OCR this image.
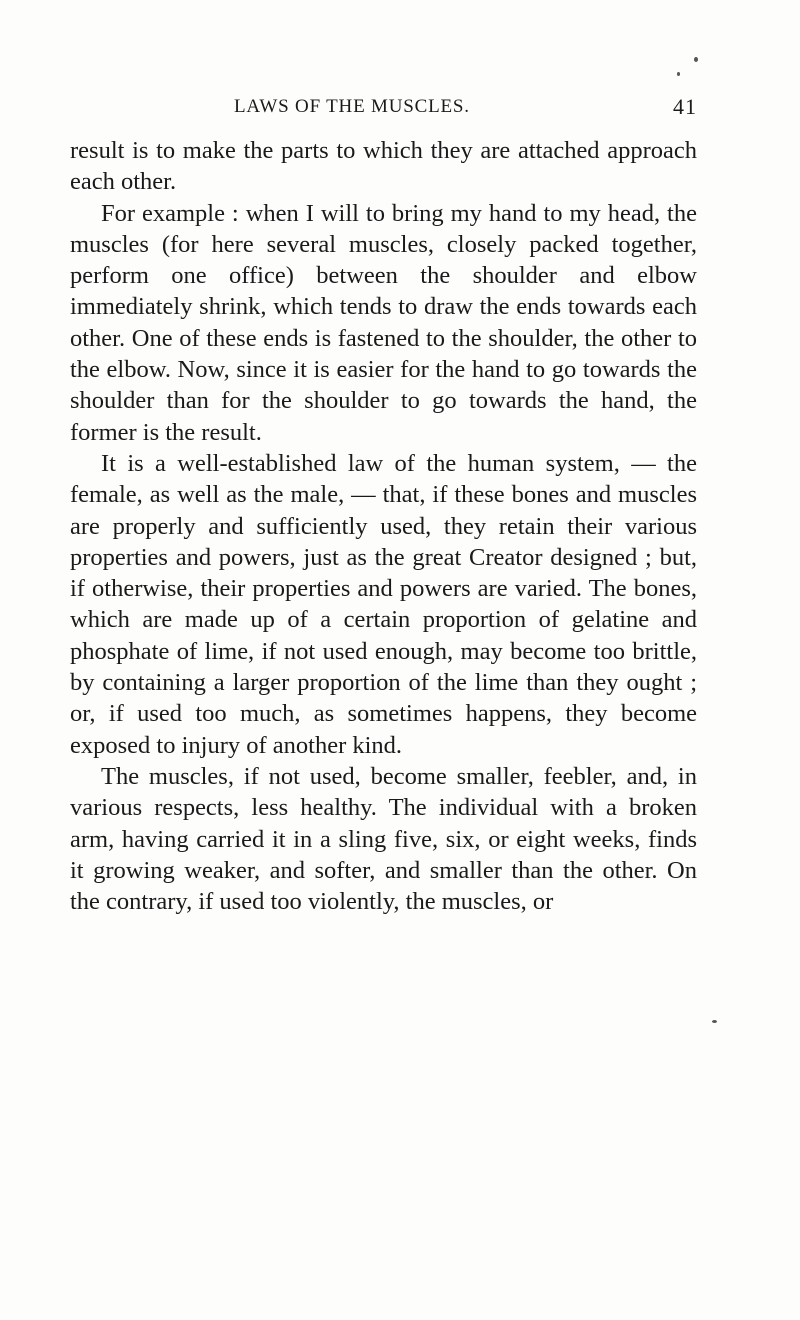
LAWS OF THE MUSCLES.	41

result is to make the parts to which they are attached approach each other.

For example : when I will to bring my hand to my head, the muscles (for here several muscles, closely packed together, perform one office) between the shoulder and elbow immediately shrink, which tends to draw the ends towards each other. One of these ends is fastened to the shoulder, the other to the elbow. Now, since it is easier for the hand to go towards the shoulder than for the shoulder to go towards the hand, the former is the result.

It is a well-established law of the human system, — the female, as well as the male, — that, if these bones and muscles are properly and sufficiently used, they retain their various properties and powers, just as the great Creator designed ; but, if otherwise, their properties and powers are varied. The bones, which are made up of a certain proportion of gelatine and phosphate of lime, if not used enough, may become too brittle, by containing a larger proportion of the lime than they ought ; or, if used too much, as sometimes happens, they become exposed to injury of another kind.

The muscles, if not used, become smaller, feebler, and, in various respects, less healthy. The individual with a broken arm, having carried it in a sling five, six, or eight weeks, finds it growing weaker, and softer, and smaller than the other. On the contrary, if used too violently, the muscles, or
